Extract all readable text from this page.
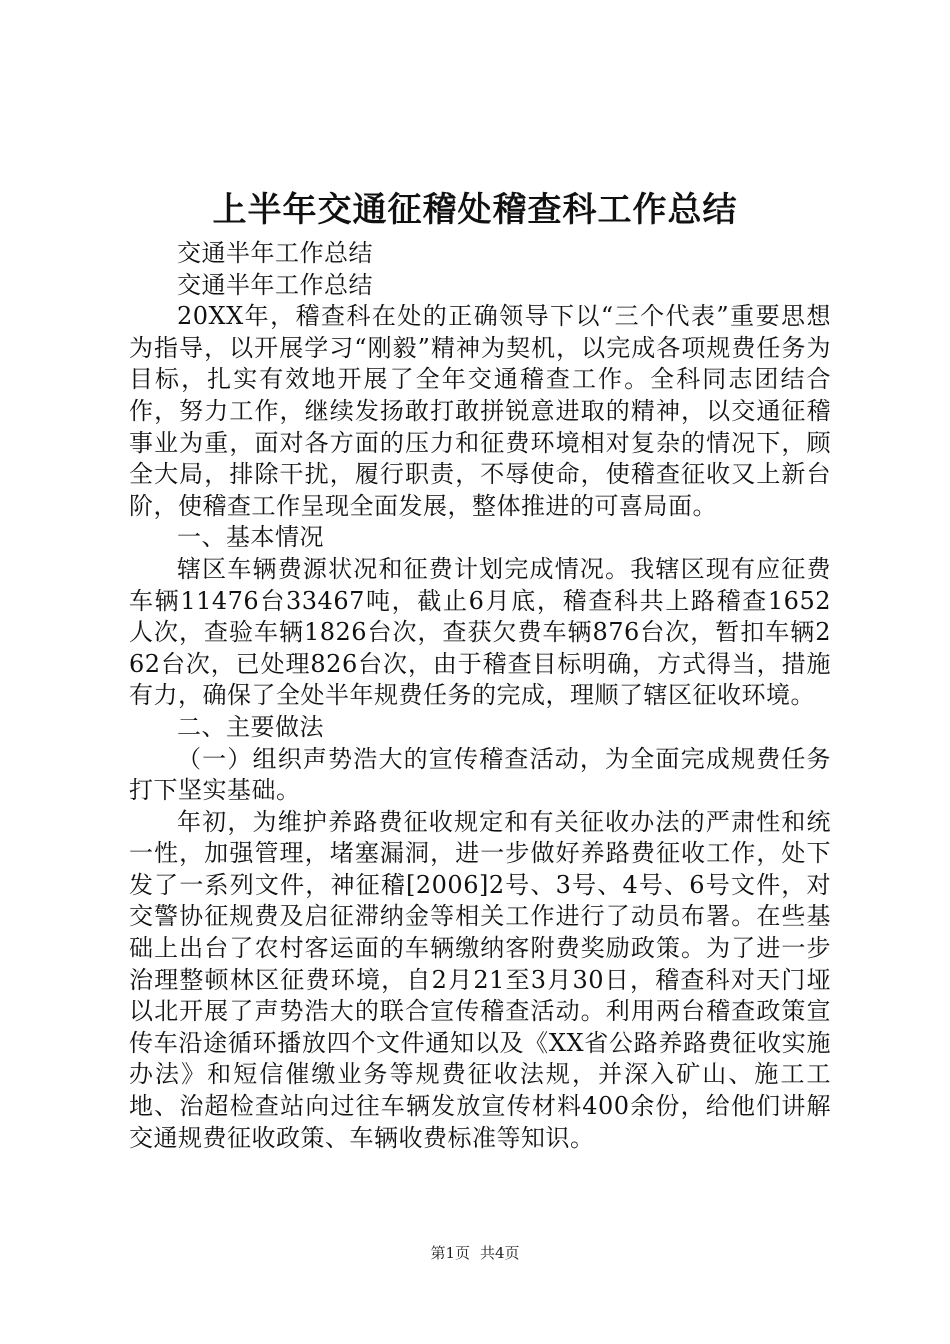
上半年交通征稽处稽查科工作总结

交通半年工作总结

交通半年工作总结

20XX年，稽查科在处的正确领导下以“三个代表”重要思想为指导，以开展学习“刚毅”精神为契机，以完成各项规费任务为目标，扎实有效地开展了全年交通稽查工作。全科同志团结合作，努力工作，继续发扬敢打敢拼锐意进取的精神，以交通征稽事业为重，面对各方面的压力和征费环境相对复杂的情况下，顾全大局，排除干扰，履行职责，不辱使命，使稽查征收又上新台阶，使稽查工作呈现全面发展，整体推进的可喜局面。

一、基本情况

辖区车辆费源状况和征费计划完成情况。我辖区现有应征费车辆11476台33467吨，截止6月底，稽查科共上路稽查1652人次，查验车辆1826台次，查获欠费车辆876台次，暂扣车辆262台次，已处理826台次，由于稽查目标明确，方式得当，措施有力，确保了全处半年规费任务的完成，理顺了辖区征收环境。

二、主要做法

（一）组织声势浩大的宣传稽查活动，为全面完成规费任务打下坚实基础。

年初，为维护养路费征收规定和有关征收办法的严肃性和统一性，加强管理，堵塞漏洞，进一步做好养路费征收工作，处下发了一系列文件，神征稽[2006]2号、3号、4号、6号文件，对交警协征规费及启征滞纳金等相关工作进行了动员布署。在些基础上出台了农村客运面的车辆缴纳客附费奖励政策。为了进一步治理整顿林区征费环境，自2月21至3月30日，稽查科对天门垭以北开展了声势浩大的联合宣传稽查活动。利用两台稽查政策宣传车沿途循环播放四个文件通知以及《XX省公路养路费征收实施办法》和短信催缴业务等规费征收法规，并深入矿山、施工工地、治超检查站向过往车辆发放宣传材料400余份，给他们讲解交通规费征收政策、车辆收费标准等知识。

第1页 共4页
